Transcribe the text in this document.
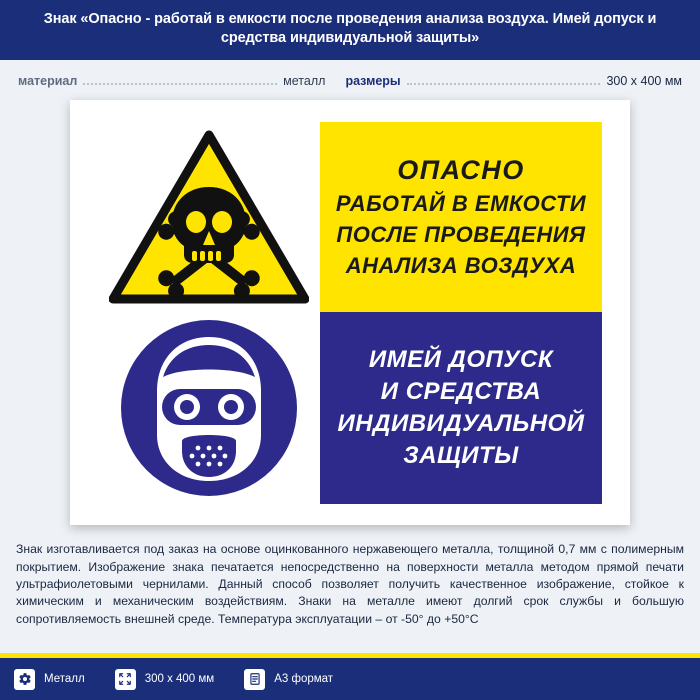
Знак «Опасно - работай в емкости после проведения анализа воздуха. Имей допуск и средства индивидуальной защиты»
материал	металл размеры	300 x 400 мм
ОПАСНО
РАБОТАЙ В ЕМКОСТИ
ПОСЛЕ ПРОВЕДЕНИЯ
АНАЛИЗА ВОЗДУХА
ИМЕЙ ДОПУСК
И СРЕДСТВА
ИНДИВИДУАЛЬНОЙ
ЗАЩИТЫ
Знак изготавливается под заказ на основе оцинкованного нержавеющего металла, толщиной 0,7 мм с полимерным покрытием. Изображение знака печатается непосредственно на поверхности металла методом прямой печати ультрафиолетовыми чернилами. Данный способ позволяет получить качественное изображение, стойкое к химическим и механическим воздействиям. Знаки на металле имеют долгий срок службы и большую сопротивляемость внешней среде. Температура эксплуатации – от -50° до +50°С
Металл	300 x 400 мм	А3 формат
